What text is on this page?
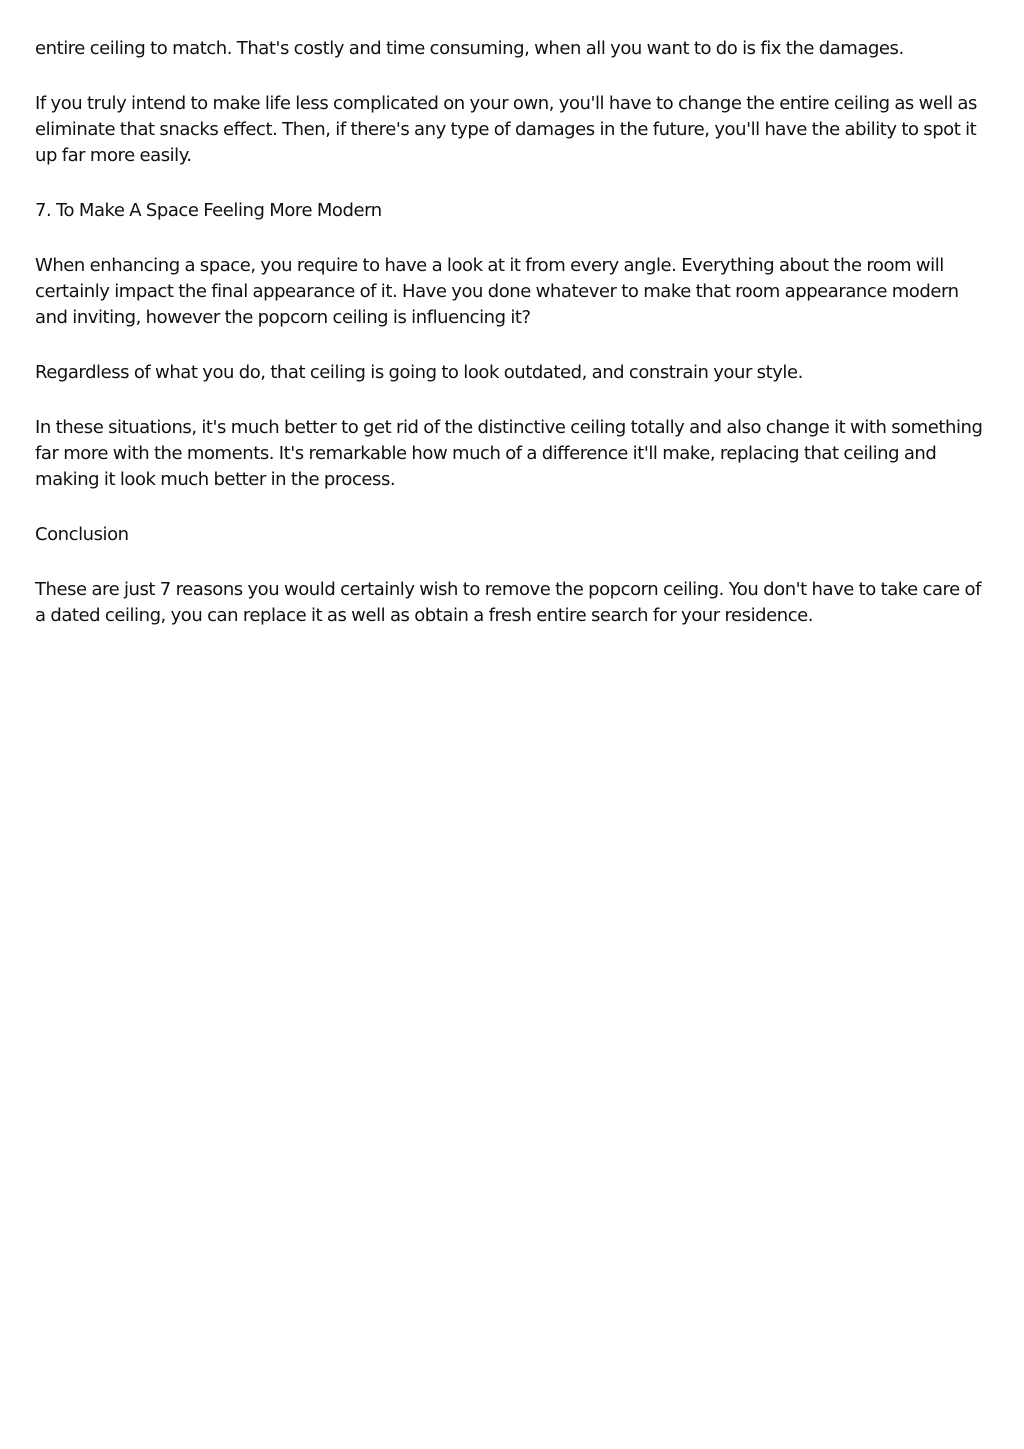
entire ceiling to match. That's costly and time consuming, when all you want to do is fix the damages.

If you truly intend to make life less complicated on your own, you'll have to change the entire ceiling as well as eliminate that snacks effect. Then, if there's any type of damages in the future, you'll have the ability to spot it up far more easily.

7. To Make A Space Feeling More Modern

When enhancing a space, you require to have a look at it from every angle. Everything about the room will certainly impact the final appearance of it. Have you done whatever to make that room appearance modern and inviting, however the popcorn ceiling is influencing it?

Regardless of what you do, that ceiling is going to look outdated, and constrain your style.

In these situations, it's much better to get rid of the distinctive ceiling totally and also change it with something far more with the moments. It's remarkable how much of a difference it'll make, replacing that ceiling and making it look much better in the process.

Conclusion

These are just 7 reasons you would certainly wish to remove the popcorn ceiling. You don't have to take care of a dated ceiling, you can replace it as well as obtain a fresh entire search for your residence.
